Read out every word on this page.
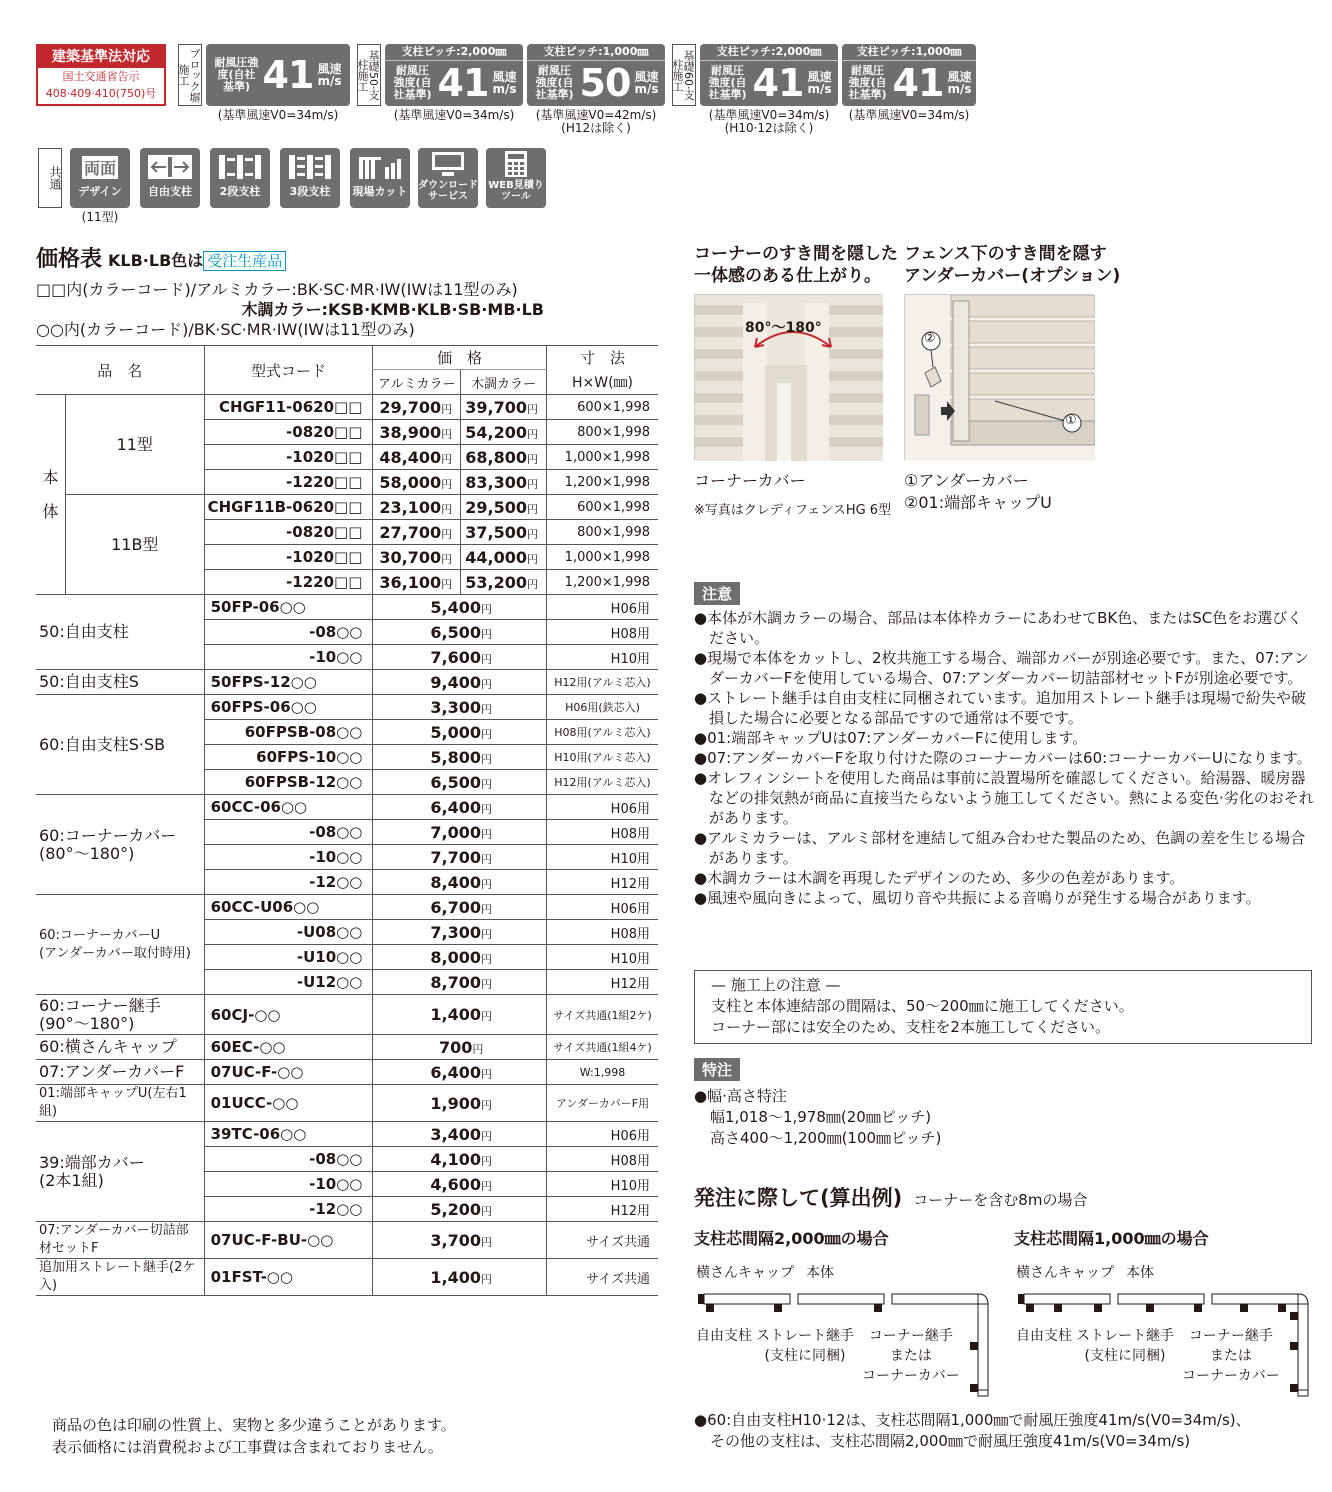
建築基準法対応
国土交通省告示
408·409·410(750)号	ブロック塀施工
耐風圧強度(自社基準) 41 風速m/s
(基準風速V0=34m/s)
基礎50·支柱施工
支柱ピッチ:2,000㎜
耐風圧強度(自社基準) 41 風速m/s
(基準風速V0=34m/s)
支柱ピッチ:1,000㎜
耐風圧強度(自社基準) 50 風速m/s
(基準風速V0=42m/s)
(H12は除く)
基礎60·支柱施工
支柱ピッチ:2,000㎜
耐風圧強度(自社基準) 41 風速m/s
(基準風速V0=34m/s)
(H10·12は除く)
支柱ピッチ:1,000㎜
耐風圧強度(自社基準) 41 風速m/s
(基準風速V0=34m/s)
共通 両面
デザイン
(11型)
自由支柱	2段支柱	3段支柱	現場カット ダウンロードサービス
WEB見積りツール
価格表 KLB·LB色は 受注生産品
□□内(カラーコード)/アルミカラー:BK·SC·MR·IW(IWは11型のみ)
木調カラー:KSB·KMB·KLB·SB·MB·LB
○○内(カラーコード)/BK·SC·MR·IW(IWは11型のみ)
品　名		型式コード	価　格		寸　法
			アルミカラー	木調カラー	H×W(㎜)
本体	11型	CHGF11-0620□□	29,700円	39,700円	600×1,998
		-0820□□	38,900円	54,200円	800×1,998
		-1020□□	48,400円	68,800円	1,000×1,998
		-1220□□	58,000円	83,300円	1,200×1,998
	11B型	CHGF11B-0620□□	23,100円	29,500円	600×1,998
		-0820□□	27,700円	37,500円	800×1,998
		-1020□□	30,700円	44,000円	1,000×1,998
		-1220□□	36,100円	53,200円	1,200×1,998
50:自由支柱		50FP-06○○	5,400円		H06用
		-08○○	6,500円		H08用
		-10○○	7,600円		H10用
50:自由支柱S		50FPS-12○○	9,400円		H12用(アルミ芯入)
60:自由支柱S·SB		60FPS-06○○	3,300円		H06用(鉄芯入)
		60FPSB-08○○	5,000円		H08用(アルミ芯入)
		60FPS-10○○	5,800円		H10用(アルミ芯入)
		60FPSB-12○○	6,500円		H12用(アルミ芯入)
60:コーナーカバー
(80°〜180°)		60CC-06○○	6,400円		H06用
		-08○○	7,000円		H08用
		-10○○	7,700円		H10用
		-12○○	8,400円		H12用
60:コーナーカバーU
(アンダーカバー取付時用)		60CC-U06○○	6,700円		H06用
		-U08○○	7,300円		H08用
		-U10○○	8,000円		H10用
		-U12○○	8,700円		H12用
60:コーナー継手
(90°〜180°)		60CJ-○○	1,400円		サイズ共通(1組2ケ)
60:横さんキャップ		60EC-○○	700円		サイズ共通(1組4ケ)
07:アンダーカバーF		07UC-F-○○	6,400円		W:1,998
01:端部キャップU(左右1組)		01UCC-○○	1,900円		アンダーカバーF用
39:端部カバー
(2本1組)		39TC-06○○	3,400円		H06用
		-08○○	4,100円		H08用
		-10○○	4,600円		H10用
		-12○○	5,200円		H12用
07:アンダーカバー切詰部材セットF		07UC-F-BU-○○	3,700円		サイズ共通
追加用ストレート継手(2ケ入)		01FST-○○	1,400円		サイズ共通
商品の色は印刷の性質上、実物と多少違うことがあります。
表示価格には消費税および工事費は含まれておりません。
コーナーのすき間を隠した
一体感のある仕上がり。
80°〜180°
コーナーカバー
※写真はクレディフェンスHG 6型
フェンス下のすき間を隠す
アンダーカバー(オプション)
②
①
①アンダーカバー
②01:端部キャップU
注意

●本体が木調カラーの場合、部品は本体枠カラーにあわせてBK色、またはSC色をお選びください。

●現場で本体をカットし、2枚共施工する場合、端部カバーが別途必要です。また、07:アンダーカバーFを使用している場合、07:アンダーカバー切詰部材セットFが別途必要です。

●ストレート継手は自由支柱に同梱されています。追加用ストレート継手は現場で紛失や破損した場合に必要となる部品ですので通常は不要です。

●01:端部キャップUは07:アンダーカバーFに使用します。

●07:アンダーカバーFを取り付けた際のコーナーカバーは60:コーナーカバーUになります。

●オレフィンシートを使用した商品は事前に設置場所を確認してください。給湯器、暖房器などの排気熱が商品に直接当たらないよう施工してください。熱による変色·劣化のおそれがあります。

●アルミカラーは、アルミ部材を連結して組み合わせた製品のため、色調の差を生じる場合があります。

●木調カラーは木調を再現したデザインのため、多少の色差があります。

●風速や風向きによって、風切り音や共振による音鳴りが発生する場合があります。

— 施工上の注意 —
支柱と本体連結部の間隔は、50〜200㎜に施工してください。
コーナー部には安全のため、支柱を2本施工してください。
特注
●幅·高さ特注
幅1,018〜1,978㎜(20㎜ピッチ)
高さ400〜1,200㎜(100㎜ピッチ)
発注に際して(算出例) コーナーを含む8mの場合
支柱芯間隔2,000㎜の場合	支柱芯間隔1,000㎜の場合
横さんキャップ 本体
自由支柱 ストレート継手
(支柱に同梱)
コーナー継手
または
コーナーカバー
横さんキャップ 本体
自由支柱 ストレート継手
(支柱に同梱)
コーナー継手
または
コーナーカバー
●60:自由支柱H10·12は、支柱芯間隔1,000㎜で耐風圧強度41m/s(V0=34m/s)、
その他の支柱は、支柱芯間隔2,000㎜で耐風圧強度41m/s(V0=34m/s)
